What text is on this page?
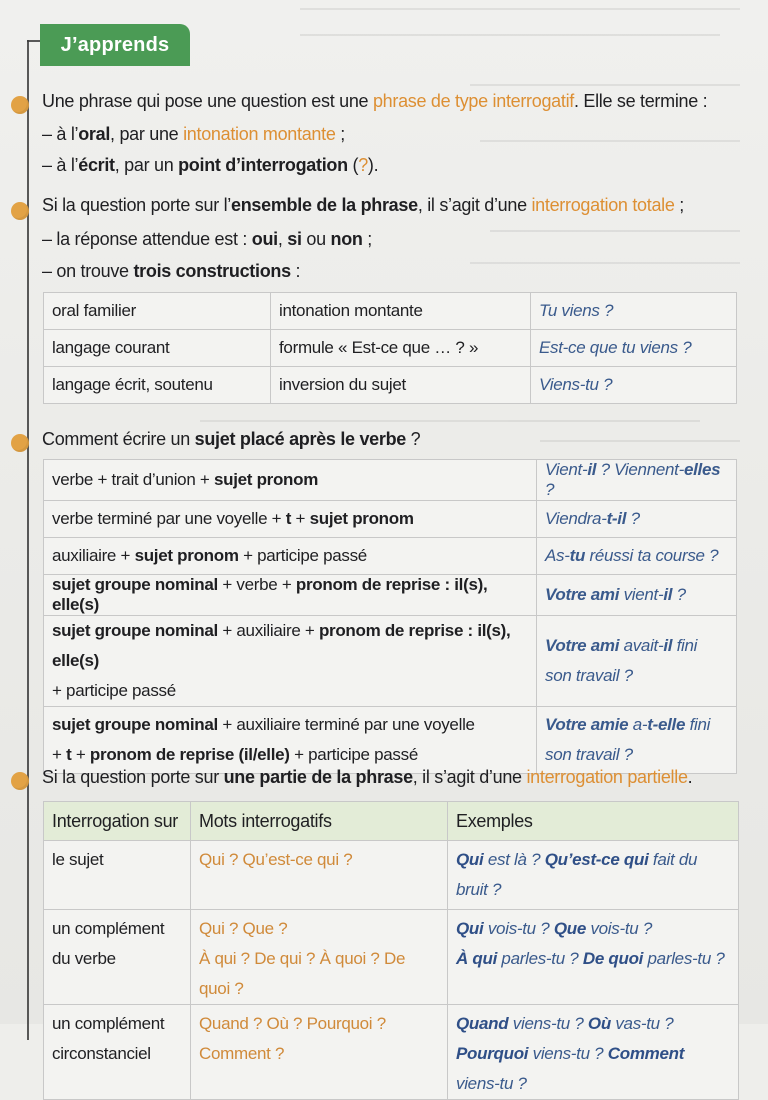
J’apprends
Une phrase qui pose une question est une phrase de type interrogatif. Elle se termine :
– à l’oral, par une intonation montante ;
– à l’écrit, par un point d’interrogation (?).
Si la question porte sur l’ensemble de la phrase, il s’agit d’une interrogation totale ;
– la réponse attendue est : oui, si ou non ;
– on trouve trois constructions :
oral familier	intonation montante	Tu viens ?
langage courant	formule « Est-ce que … ? »	Est-ce que tu viens ?
langage écrit, soutenu	inversion du sujet	Viens-tu ?
Comment écrire un sujet placé après le verbe ?
verbe + trait d’union + sujet pronom	Vient-il ? Viennent-elles ?
verbe terminé par une voyelle + t + sujet pronom	Viendra-t-il ?
auxiliaire + sujet pronom + participe passé	As-tu réussi ta course ?
sujet groupe nominal + verbe + pronom de reprise : il(s), elle(s)	Votre ami vient-il ?
sujet groupe nominal + auxiliaire + pronom de reprise : il(s), elle(s)
+ participe passé	Votre ami avait-il fini
son travail ?
sujet groupe nominal + auxiliaire terminé par une voyelle
+ t + pronom de reprise (il/elle) + participe passé	Votre amie a-t-elle fini
son travail ?
Si la question porte sur une partie de la phrase, il s’agit d’une interrogation partielle.
Interrogation sur	Mots interrogatifs	Exemples
le sujet	Qui ? Qu’est-ce qui ?	Qui est là ? Qu’est-ce qui fait du bruit ?
un complément
du verbe	Qui ? Que ?
À qui ? De qui ? À quoi ? De quoi ?	Qui vois-tu ? Que vois-tu ?
À qui parles-tu ? De quoi parles-tu ?
un complément
circonstanciel	Quand ? Où ? Pourquoi ?
Comment ?	Quand viens-tu ? Où vas-tu ?
Pourquoi viens-tu ? Comment viens-tu ?
